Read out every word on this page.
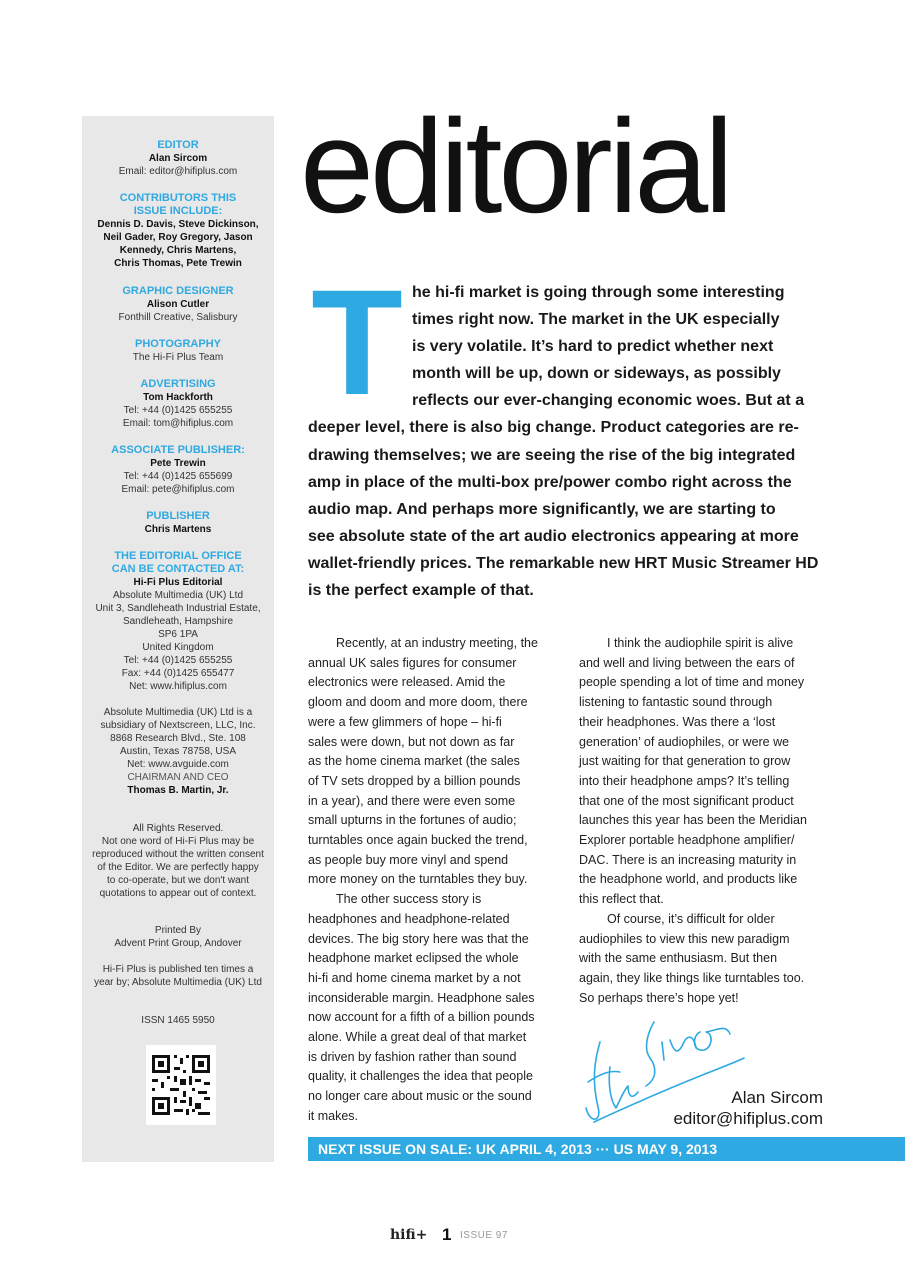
EDITOR
Alan Sircom
Email: editor@hifiplus.com
CONTRIBUTORS THIS
ISSUE INCLUDE:
Dennis D. Davis, Steve Dickinson,
Neil Gader, Roy Gregory, Jason
Kennedy, Chris Martens,
Chris Thomas, Pete Trewin
GRAPHIC DESIGNER
Alison Cutler
Fonthill Creative, Salisbury
PHOTOGRAPHY
The Hi-Fi Plus Team
ADVERTISING
Tom Hackforth
Tel: +44 (0)1425 655255
Email: tom@hifiplus.com
ASSOCIATE PUBLISHER:
Pete Trewin
Tel: +44 (0)1425 655699
Email: pete@hifiplus.com
PUBLISHER
Chris Martens
THE EDITORIAL OFFICE
CAN BE CONTACTED AT:
Hi-Fi Plus Editorial
Absolute Multimedia (UK) Ltd
Unit 3, Sandleheath Industrial Estate,
Sandleheath, Hampshire
SP6 1PA
United Kingdom
Tel: +44 (0)1425 655255
Fax: +44 (0)1425 655477
Net: www.hifiplus.com
Absolute Multimedia (UK) Ltd is a
subsidiary of Nextscreen, LLC, Inc.
8868 Research Blvd., Ste. 108
Austin, Texas 78758, USA
Net: www.avguide.com
CHAIRMAN AND CEO
Thomas B. Martin, Jr.
All Rights Reserved.
Not one word of Hi-Fi Plus may be
reproduced without the written consent
of the Editor. We are perfectly happy
to co-operate, but we don't want
quotations to appear out of context.
Printed By
Advent Print Group, Andover
Hi-Fi Plus is published ten times a
year by; Absolute Multimedia (UK) Ltd
ISSN 1465 5950
editorial
T he hi-fi market is going through some interesting
times right now. The market in the UK especially
is very volatile. It’s hard to predict whether next
month will be up, down or sideways, as possibly
reflects our ever-changing economic woes. But at a
deeper level, there is also big change. Product categories are re-
drawing themselves; we are seeing the rise of the big integrated
amp in place of the multi-box pre/power combo right across the
audio map. And perhaps more significantly, we are starting to
see absolute state of the art audio electronics appearing at more
wallet-friendly prices. The remarkable new HRT Music Streamer HD
is the perfect example of that.
Recently, at an industry meeting, the
annual UK sales figures for consumer
electronics were released. Amid the
gloom and doom and more doom, there
were a few glimmers of hope – hi-fi
sales were down, but not down as far
as the home cinema market (the sales
of TV sets dropped by a billion pounds
in a year), and there were even some
small upturns in the fortunes of audio;
turntables once again bucked the trend,
as people buy more vinyl and spend
more money on the turntables they buy.
The other success story is
headphones and headphone-related
devices. The big story here was that the
headphone market eclipsed the whole
hi-fi and home cinema market by a not
inconsiderable margin. Headphone sales
now account for a fifth of a billion pounds
alone. While a great deal of that market
is driven by fashion rather than sound
quality, it challenges the idea that people
no longer care about music or the sound
it makes.
I think the audiophile spirit is alive
and well and living between the ears of
people spending a lot of time and money
listening to fantastic sound through
their headphones. Was there a ‘lost
generation’ of audiophiles, or were we
just waiting for that generation to grow
into their headphone amps? It’s telling
that one of the most significant product
launches this year has been the Meridian
Explorer portable headphone amplifier/
DAC. There is an increasing maturity in
the headphone world, and products like
this reflect that.
Of course, it’s difficult for older
audiophiles to view this new paradigm
with the same enthusiasm. But then
again, they like things like turntables too.
So perhaps there’s hope yet!
Alan Sircom
editor@hifiplus.com
NEXT ISSUE ON SALE: UK APRIL 4, 2013 ··· US MAY 9, 2013
hifi+ 1 ISSUE 97
